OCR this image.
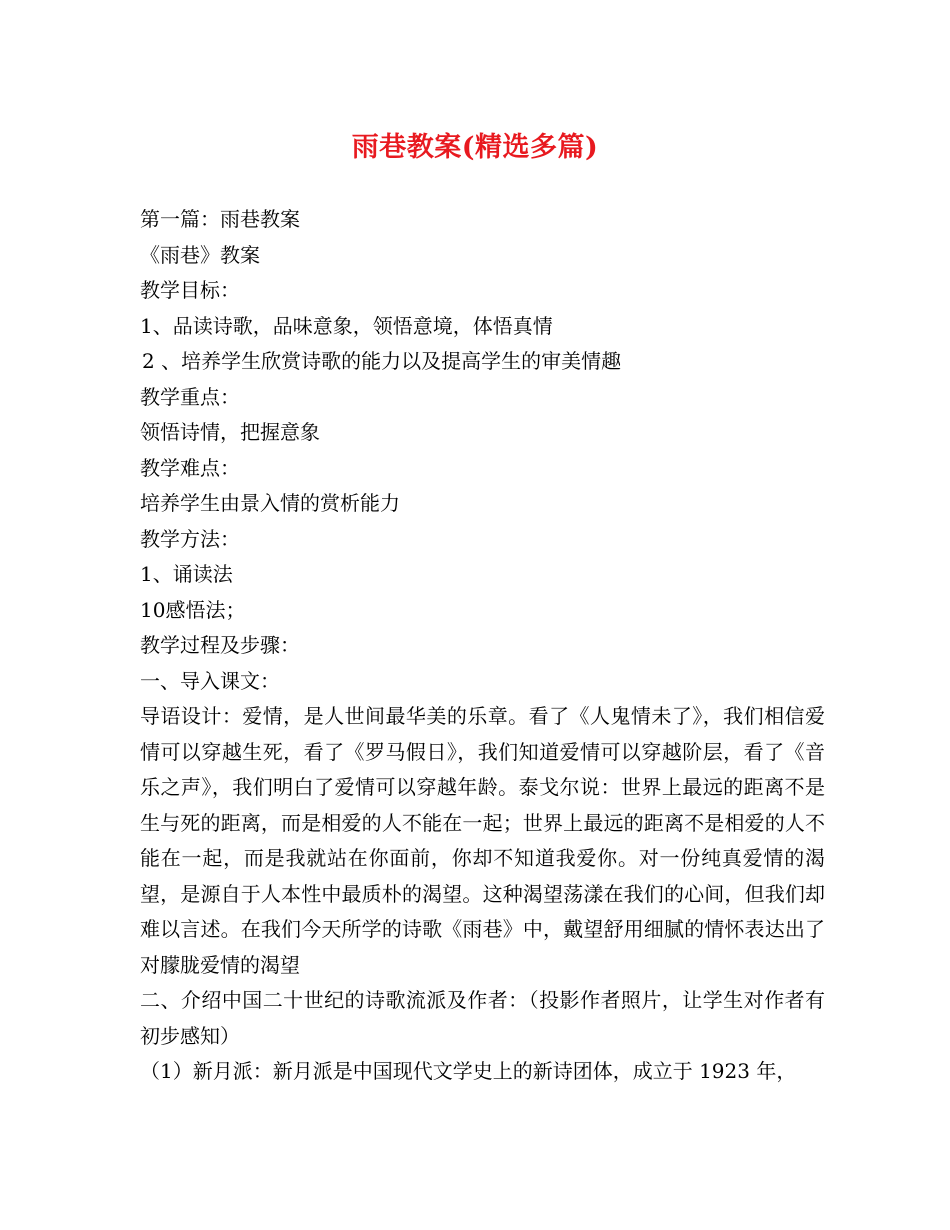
雨巷教案(精选多篇)
第一篇：雨巷教案
《雨巷》教案
教学目标：
1、品读诗歌，品味意象，领悟意境，体悟真情
2 、培养学生欣赏诗歌的能力以及提高学生的审美情趣
教学重点：
领悟诗情，把握意象
教学难点：
培养学生由景入情的赏析能力
教学方法：
1、诵读法
10感悟法；
教学过程及步骤：
一、导入课文：
导语设计：爱情，是人世间最华美的乐章。看了《人鬼情未了》，我们相信爱情可以穿越生死，看了《罗马假日》，我们知道爱情可以穿越阶层，看了《音乐之声》，我们明白了爱情可以穿越年龄。泰戈尔说：世界上最远的距离不是生与死的距离，而是相爱的人不能在一起；世界上最远的距离不是相爱的人不能在一起，而是我就站在你面前，你却不知道我爱你。对一份纯真爱情的渴望，是源自于人本性中最质朴的渴望。这种渴望荡漾在我们的心间，但我们却难以言述。在我们今天所学的诗歌《雨巷》中，戴望舒用细腻的情怀表达出了对朦胧爱情的渴望
二、介绍中国二十世纪的诗歌流派及作者：（投影作者照片，让学生对作者有初步感知）
（1）新月派：新月派是中国现代文学史上的新诗团体，成立于 1923 年，
